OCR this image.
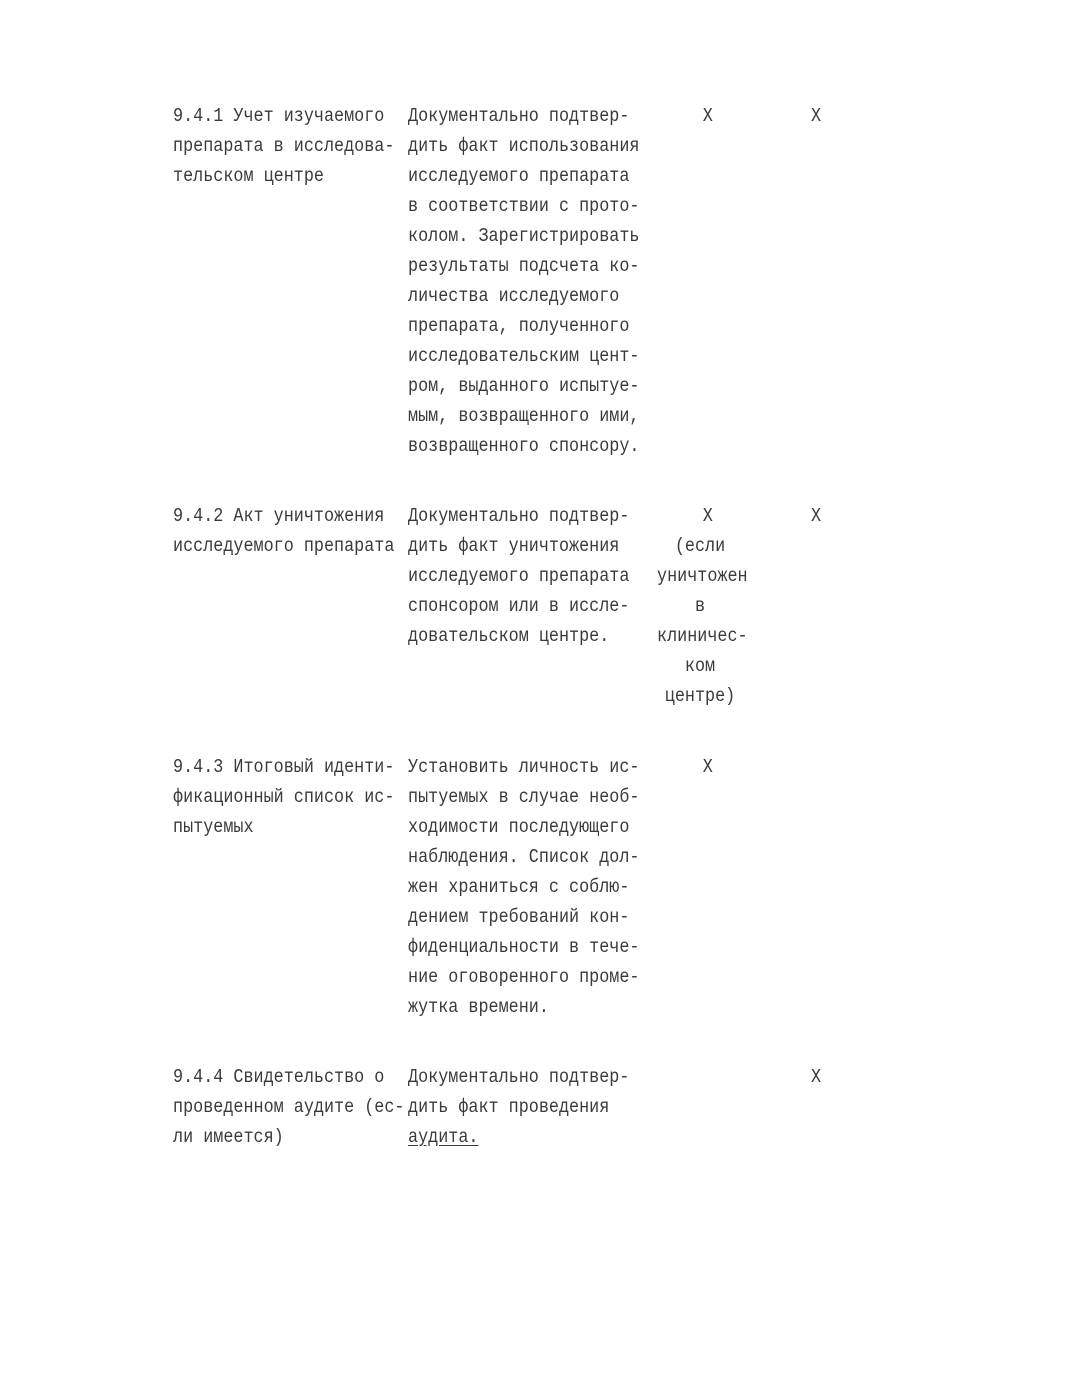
9.4.1 Учет изучаемого
препарата в исследова-
тельском центре
Документально подтвер-
дить факт использования
исследуемого препарата
в соответствии с прото-
колом. Зарегистрировать
результаты подсчета ко-
личества исследуемого
препарата, полученного
исследовательским цент-
ром, выданного испытуе-
мым, возвращенного ими,
возвращенного спонсору.
X	X
9.4.2 Акт уничтожения
исследуемого препарата
Документально подтвер-
дить факт уничтожения
исследуемого препарата
спонсором или в иссле-
довательском центре.
X
(если
уничтожен
в
клиничес-
ком
центре)
X
9.4.3 Итоговый иденти-
фикационный список ис-
пытуемых
Установить личность ис-
пытуемых в случае необ-
ходимости последующего
наблюдения. Список дол-
жен храниться с соблю-
дением требований кон-
фиденциальности в тече-
ние оговоренного проме-
жутка времени.
X
9.4.4 Свидетельство о
проведенном аудите (ес-
ли имеется)
Документально подтвер-
дить факт проведения
аудита.
X
